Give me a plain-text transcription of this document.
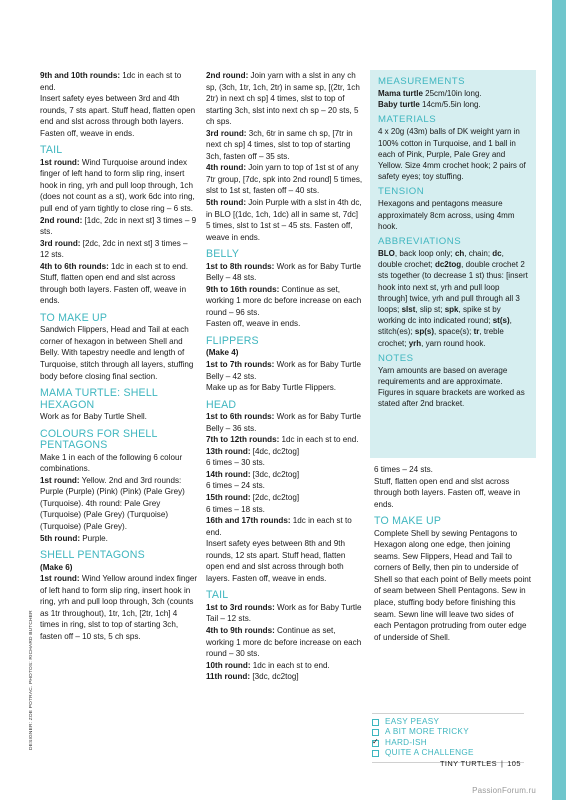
9th and 10th rounds: 1dc in each st to end.

Insert safety eyes between 3rd and 4th rounds, 7 sts apart. Stuff head, flatten open end and slst across through both layers. Fasten off, weave in ends.

TAIL

1st round: Wind Turquoise around index finger of left hand to form slip ring, insert hook in ring, yrh and pull loop through, 1ch (does not count as a st), work 6dc into ring, pull end of yarn tightly to close ring – 6 sts.

2nd round: [1dc, 2dc in next st] 3 times – 9 sts.

3rd round: [2dc, 2dc in next st] 3 times – 12 sts.

4th to 6th rounds: 1dc in each st to end.

Stuff, flatten open end and slst across through both layers. Fasten off, weave in ends.

TO MAKE UP

Sandwich Flippers, Head and Tail at each corner of hexagon in between Shell and Belly. With tapestry needle and length of Turquoise, stitch through all layers, stuffing body before closing final section.

MAMA TURTLE: SHELL HEXAGON

Work as for Baby Turtle Shell.

COLOURS FOR SHELL PENTAGONS

Make 1 in each of the following 6 colour combinations.

1st round: Yellow. 2nd and 3rd rounds: Purple (Purple) (Pink) (Pink) (Pale Grey) (Turquoise). 4th round: Pale Grey (Turquoise) (Pale Grey) (Turquoise) (Turquoise) (Pale Grey).

5th round: Purple.

SHELL PENTAGONS

(Make 6)

1st round: Wind Yellow around index finger of left hand to form slip ring, insert hook in ring, yrh and pull loop through, 3ch (counts as 1tr throughout), 1tr, 1ch, [2tr, 1ch] 4 times in ring, slst to top of starting 3ch, fasten off – 10 sts, 5 ch sps.

2nd round: Join yarn with a slst in any ch sp, (3ch, 1tr, 1ch, 2tr) in same sp, [(2tr, 1ch 2tr) in next ch sp] 4 times, slst to top of starting 3ch, slst into next ch sp – 20 sts, 5 ch sps.

3rd round: 3ch, 6tr in same ch sp, [7tr in next ch sp] 4 times, slst to top of starting 3ch, fasten off – 35 sts.

4th round: Join yarn to top of 1st st of any 7tr group, [7dc, spk into 2nd round] 5 times, slst to 1st st, fasten off – 40 sts.

5th round: Join Purple with a slst in 4th dc, in BLO [(1dc, 1ch, 1dc) all in same st, 7dc] 5 times, slst to 1st st – 45 sts. Fasten off, weave in ends.

BELLY

1st to 8th rounds: Work as for Baby Turtle Belly – 48 sts.

9th to 16th rounds: Continue as set, working 1 more dc before increase on each round – 96 sts.

Fasten off, weave in ends.

FLIPPERS

(Make 4)

1st to 7th rounds: Work as for Baby Turtle Belly – 42 sts.

Make up as for Baby Turtle Flippers.

HEAD

1st to 6th rounds: Work as for Baby Turtle Belly – 36 sts.

7th to 12th rounds: 1dc in each st to end.

13th round: [4dc, dc2tog]

6 times – 30 sts.

14th round: [3dc, dc2tog]

6 times – 24 sts.

15th round: [2dc, dc2tog]

6 times – 18 sts.

16th and 17th rounds: 1dc in each st to end.

Insert safety eyes between 8th and 9th rounds, 12 sts apart. Stuff head, flatten open end and slst across through both layers. Fasten off, weave in ends.

TAIL

1st to 3rd rounds: Work as for Baby Turtle Tail – 12 sts.

4th to 9th rounds: Continue as set, working 1 more dc before increase on each round – 30 sts.

10th round: 1dc in each st to end.

11th round: [3dc, dc2tog]

MEASUREMENTS

Mama turtle 25cm/10in long.

Baby turtle 14cm/5.5in long.

MATERIALS

4 x 20g (43m) balls of DK weight yarn in 100% cotton in Turquoise, and 1 ball in each of Pink, Purple, Pale Grey and Yellow. Size 4mm crochet hook; 2 pairs of safety eyes; toy stuffing.

TENSION

Hexagons and pentagons measure approximately 8cm across, using 4mm hook.

ABBREVIATIONS

BLO, back loop only; ch, chain; dc, double crochet; dc2tog, double crochet 2 sts together (to decrease 1 st) thus: [insert hook into next st, yrh and pull loop through] twice, yrh and pull through all 3 loops; slst, slip st; spk, spike st by working dc into indicated round; st(s), stitch(es); sp(s), space(s); tr, treble crochet; yrh, yarn round hook.

NOTES

Yarn amounts are based on average requirements and are approximate. Figures in square brackets are worked as stated after 2nd bracket.

6 times – 24 sts.

Stuff, flatten open end and slst across through both layers. Fasten off, weave in ends.

TO MAKE UP

Complete Shell by sewing Pentagons to Hexagon along one edge, then joining seams. Sew Flippers, Head and Tail to corners of Belly, then pin to underside of Shell so that each point of Belly meets point of seam between Shell Pentagons. Sew in place, stuffing body before finishing this seam. Sewn line will leave two sides of each Pentagon protruding from outer edge of underside of Shell.

EASY PEASY
A BIT MORE TRICKY
✓
HARD-ISH
QUITE A CHALLENGE
DESIGNER: ZOE POTRAC. PHOTOS: RICHARD BUTCHER
TINY TURTLES | 105
PassionForum.ru
